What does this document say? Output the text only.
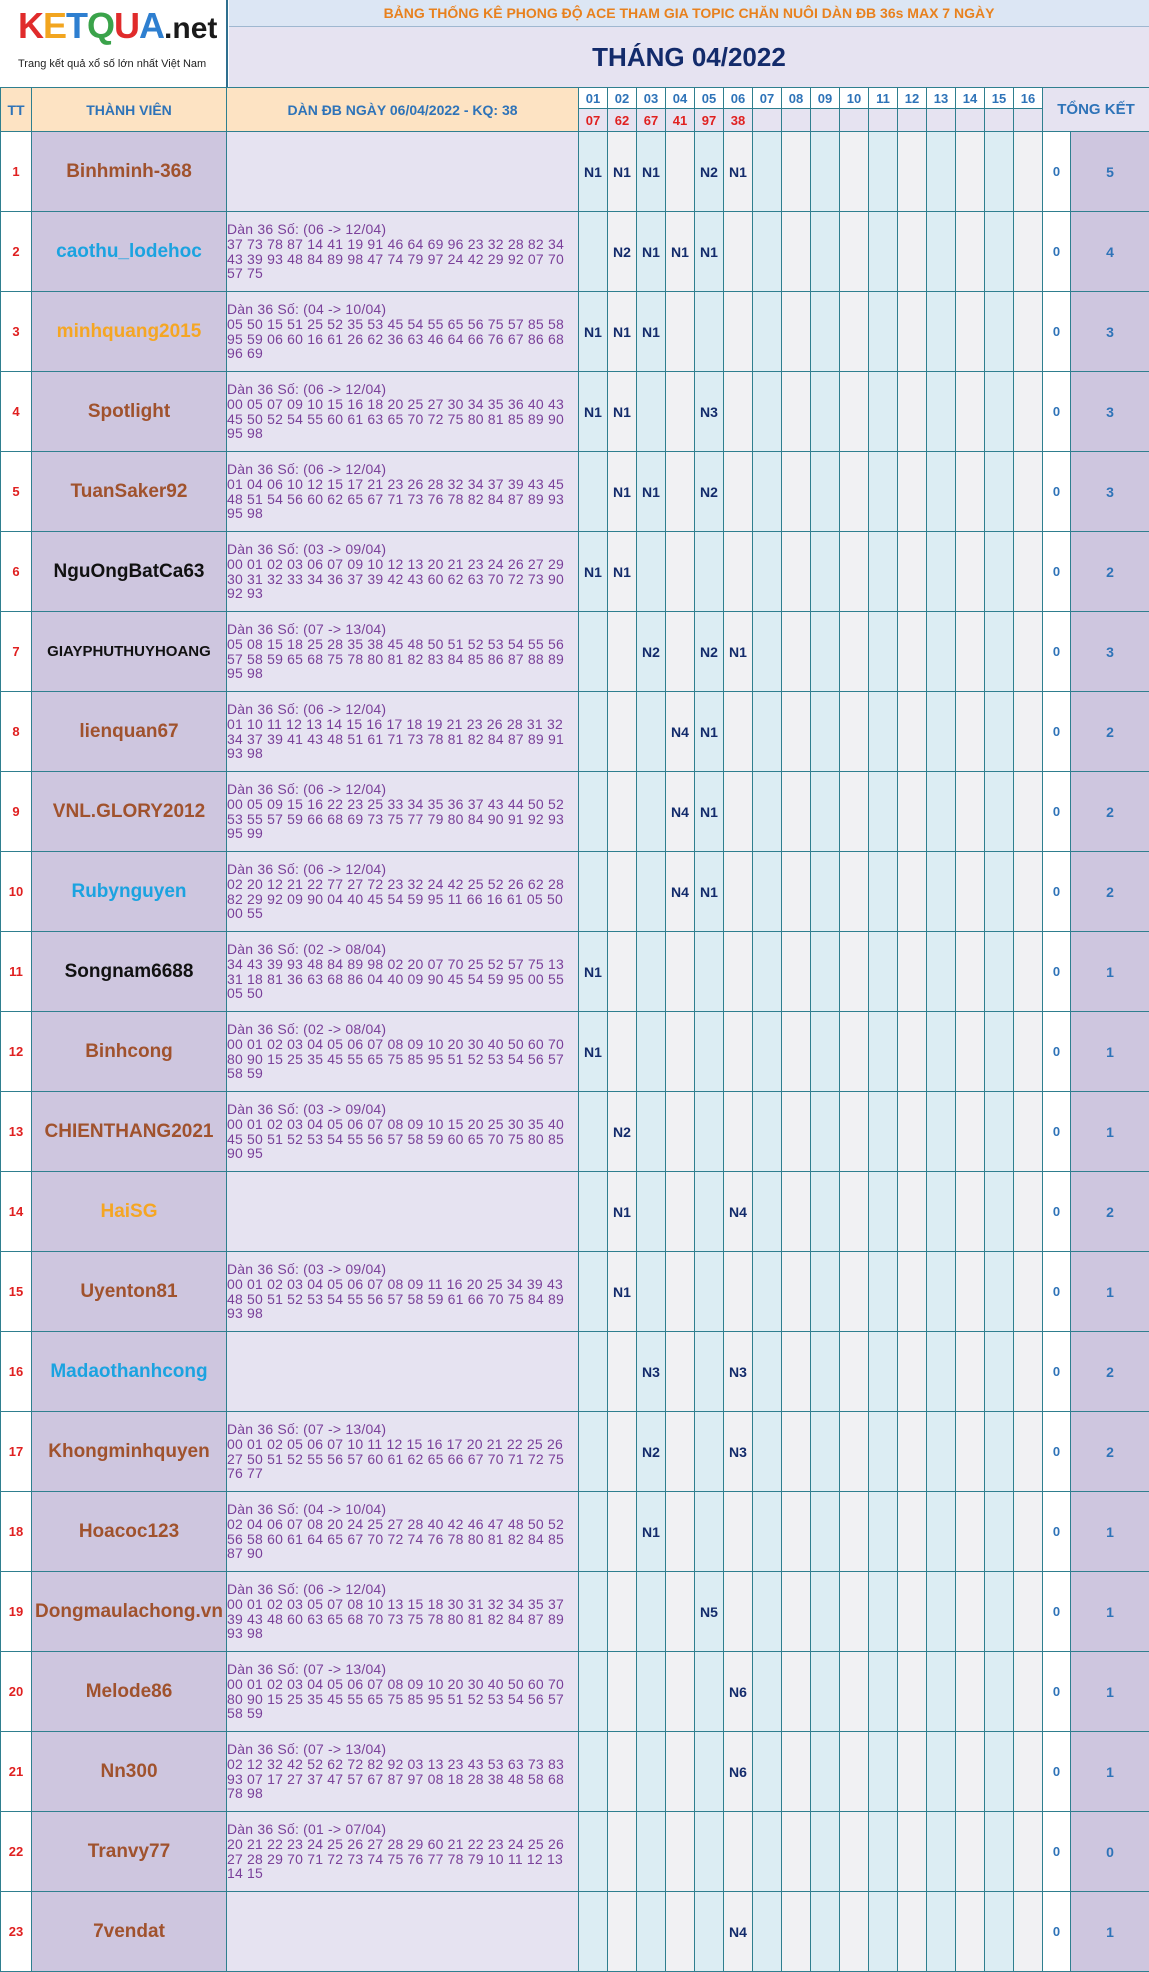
KETQUA.net
Trang kết quả xổ số lớn nhất Việt Nam
BẢNG THỐNG KÊ PHONG ĐỘ ACE THAM GIA TOPIC CHĂN NUÔI DÀN ĐB 36s MAX 7 NGÀY
THÁNG 04/2022
TT	THÀNH VIÊN	DÀN ĐB NGÀY 06/04/2022 - KQ: 38	01	02	03	04	05	06	07	08	09	10	11	12	13	14	15	16	TỔNG KẾT	
			07	62	67	41	97	38												
1	Binhminh-368		N1	N1	N1		N2	N1											0	5
2	caothu_lodehoc	Dàn 36 Số: (06 -> 12/04)
37 73 78 87 14 41 19 91 46 64 69 96 23 32 28 82 34 43 39 93 48 84 89 98 47 74 79 97 24 42 29 92 07 70 57 75		N2	N1	N1	N1												0	4
3	minhquang2015	Dàn 36 Số: (04 -> 10/04)
05 50 15 51 25 52 35 53 45 54 55 65 56 75 57 85 58 95 59 06 60 16 61 26 62 36 63 46 64 66 76 67 86 68 96 69	N1	N1	N1														0	3
4	Spotlight	Dàn 36 Số: (06 -> 12/04)
00 05 07 09 10 15 16 18 20 25 27 30 34 35 36 40 43 45 50 52 54 55 60 61 63 65 70 72 75 80 81 85 89 90 95 98	N1	N1			N3												0	3
5	TuanSaker92	Dàn 36 Số: (06 -> 12/04)
01 04 06 10 12 15 17 21 23 26 28 32 34 37 39 43 45 48 51 54 56 60 62 65 67 71 73 76 78 82 84 87 89 93 95 98		N1	N1		N2												0	3
6	NguOngBatCa63	Dàn 36 Số: (03 -> 09/04)
00 01 02 03 06 07 09 10 12 13 20 21 23 24 26 27 29 30 31 32 33 34 36 37 39 42 43 60 62 63 70 72 73 90 92 93	N1	N1															0	2
7	GIAYPHUTHUYHOANG	Dàn 36 Số: (07 -> 13/04)
05 08 15 18 25 28 35 38 45 48 50 51 52 53 54 55 56 57 58 59 65 68 75 78 80 81 82 83 84 85 86 87 88 89 95 98			N2		N2	N1											0	3
8	lienquan67	Dàn 36 Số: (06 -> 12/04)
01 10 11 12 13 14 15 16 17 18 19 21 23 26 28 31 32 34 37 39 41 43 48 51 61 71 73 78 81 82 84 87 89 91 93 98				N4	N1												0	2
9	VNL.GLORY2012	Dàn 36 Số: (06 -> 12/04)
00 05 09 15 16 22 23 25 33 34 35 36 37 43 44 50 52 53 55 57 59 66 68 69 73 75 77 79 80 84 90 91 92 93 95 99				N4	N1												0	2
10	Rubynguyen	Dàn 36 Số: (06 -> 12/04)
02 20 12 21 22 77 27 72 23 32 24 42 25 52 26 62 28 82 29 92 09 90 04 40 45 54 59 95 11 66 16 61 05 50 00 55				N4	N1												0	2
11	Songnam6688	Dàn 36 Số: (02 -> 08/04)
34 43 39 93 48 84 89 98 02 20 07 70 25 52 57 75 13 31 18 81 36 63 68 86 04 40 09 90 45 54 59 95 00 55 05 50	N1																0	1
12	Binhcong	Dàn 36 Số: (02 -> 08/04)
00 01 02 03 04 05 06 07 08 09 10 20 30 40 50 60 70 80 90 15 25 35 45 55 65 75 85 95 51 52 53 54 56 57 58 59	N1																0	1
13	CHIENTHANG2021	Dàn 36 Số: (03 -> 09/04)
00 01 02 03 04 05 06 07 08 09 10 15 20 25 30 35 40 45 50 51 52 53 54 55 56 57 58 59 60 65 70 75 80 85 90 95		N2															0	1
14	HaiSG			N1				N4											0	2
15	Uyenton81	Dàn 36 Số: (03 -> 09/04)
00 01 02 03 04 05 06 07 08 09 11 16 20 25 34 39 43 48 50 51 52 53 54 55 56 57 58 59 61 66 70 75 84 89 93 98		N1															0	1
16	Madaothanhcong				N3			N3											0	2
17	Khongminhquyen	Dàn 36 Số: (07 -> 13/04)
00 01 02 05 06 07 10 11 12 15 16 17 20 21 22 25 26 27 50 51 52 55 56 57 60 61 62 65 66 67 70 71 72 75 76 77			N2			N3											0	2
18	Hoacoc123	Dàn 36 Số: (04 -> 10/04)
02 04 06 07 08 20 24 25 27 28 40 42 46 47 48 50 52 56 58 60 61 64 65 67 70 72 74 76 78 80 81 82 84 85 87 90			N1														0	1
19	Dongmaulachong.vn	Dàn 36 Số: (06 -> 12/04)
00 01 02 03 05 07 08 10 13 15 18 30 31 32 34 35 37 39 43 48 60 63 65 68 70 73 75 78 80 81 82 84 87 89 93 98					N5												0	1
20	Melode86	Dàn 36 Số: (07 -> 13/04)
00 01 02 03 04 05 06 07 08 09 10 20 30 40 50 60 70 80 90 15 25 35 45 55 65 75 85 95 51 52 53 54 56 57 58 59						N6											0	1
21	Nn300	Dàn 36 Số: (07 -> 13/04)
02 12 32 42 52 62 72 82 92 03 13 23 43 53 63 73 83 93 07 17 27 37 47 57 67 87 97 08 18 28 38 48 58 68 78 98						N6											0	1
22	Tranvy77	Dàn 36 Số: (01 -> 07/04)
20 21 22 23 24 25 26 27 28 29 60 21 22 23 24 25 26 27 28 29 70 71 72 73 74 75 76 77 78 79 10 11 12 13 14 15																	0	0
23	7vendat							N4											0	1
